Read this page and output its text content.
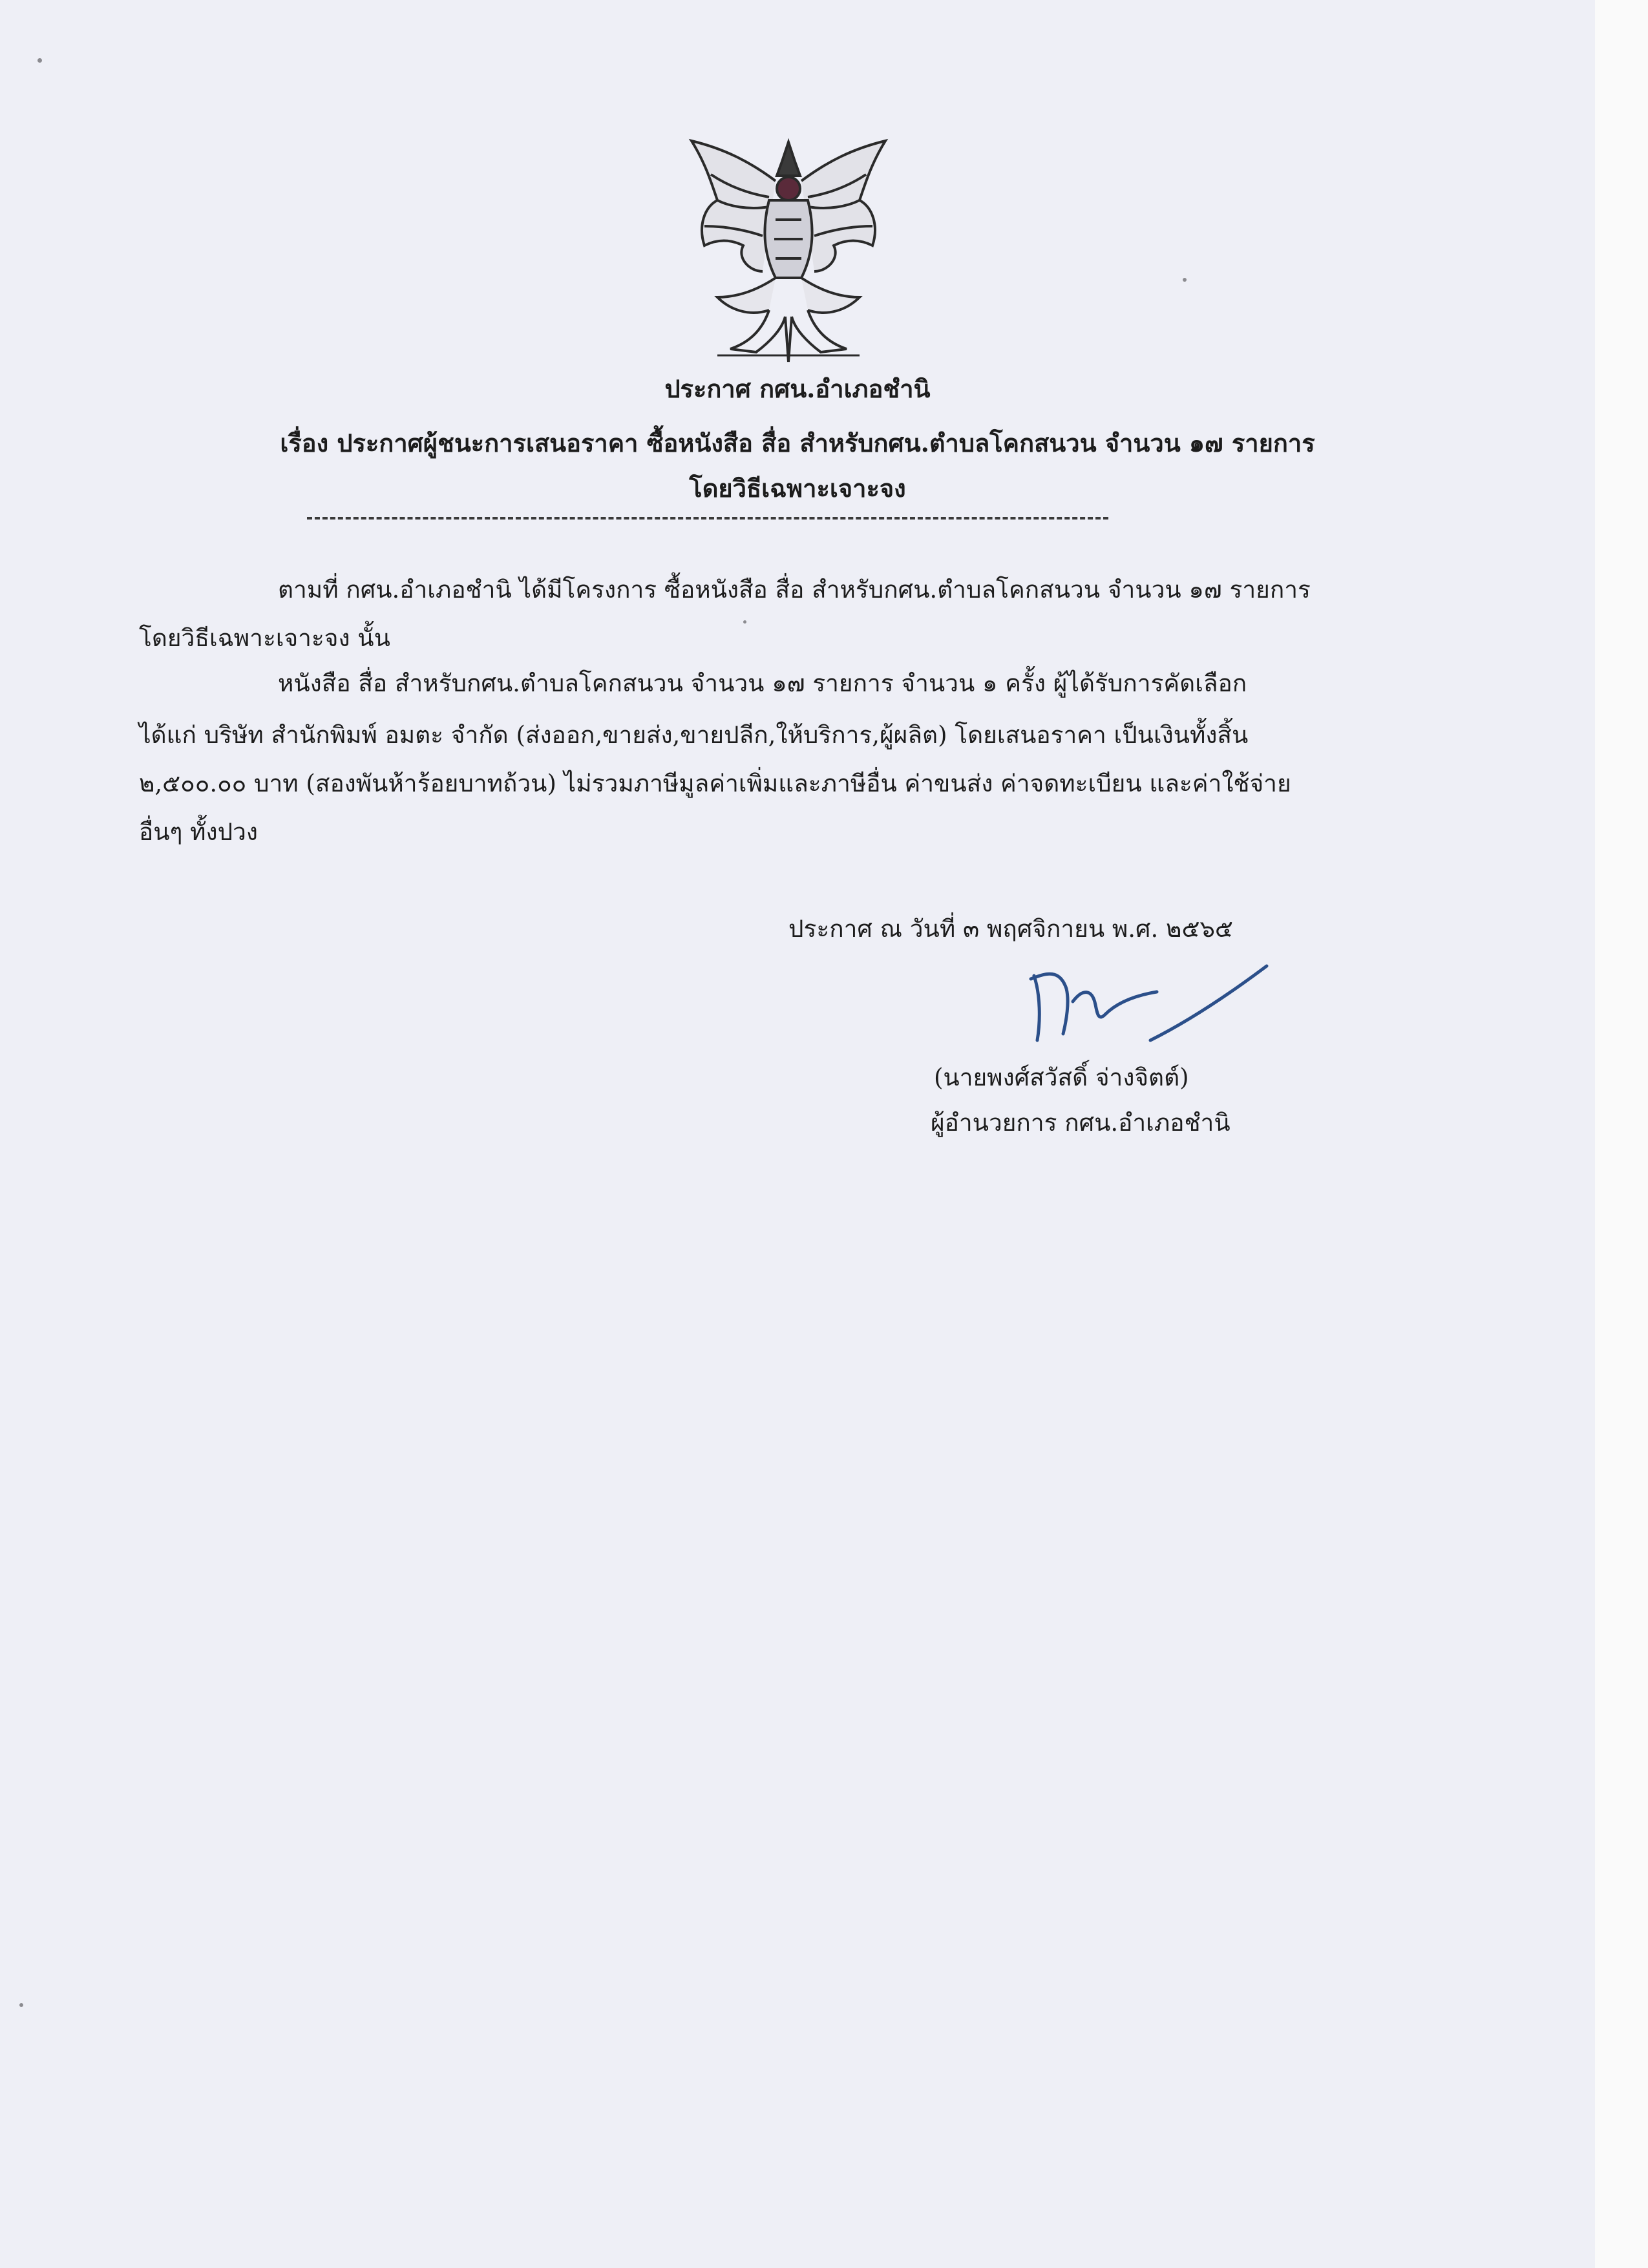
ประกาศ กศน.อำเภอชำนิ
เรื่อง ประกาศผู้ชนะการเสนอราคา ซื้อหนังสือ สื่อ สำหรับกศน.ตำบลโคกสนวน จำนวน ๑๗ รายการ
โดยวิธีเฉพาะเจาะจง
ตามที่ กศน.อำเภอชำนิ ได้มีโครงการ ซื้อหนังสือ สื่อ สำหรับกศน.ตำบลโคกสนวน จำนวน ๑๗ รายการ
โดยวิธีเฉพาะเจาะจง นั้น
หนังสือ สื่อ สำหรับกศน.ตำบลโคกสนวน จำนวน ๑๗ รายการ จำนวน ๑ ครั้ง ผู้ได้รับการคัดเลือก
ได้แก่ บริษัท สำนักพิมพ์ อมตะ จำกัด (ส่งออก,ขายส่ง,ขายปลีก,ให้บริการ,ผู้ผลิต) โดยเสนอราคา เป็นเงินทั้งสิ้น
๒,๕๐๐.๐๐ บาท (สองพันห้าร้อยบาทถ้วน) ไม่รวมภาษีมูลค่าเพิ่มและภาษีอื่น ค่าขนส่ง ค่าจดทะเบียน และค่าใช้จ่าย
อื่นๆ ทั้งปวง
ประกาศ ณ วันที่ ๓ พฤศจิกายน พ.ศ. ๒๕๖๕
(นายพงศ์สวัสดิ์ จ่างจิตต์)
ผู้อำนวยการ กศน.อำเภอชำนิ
